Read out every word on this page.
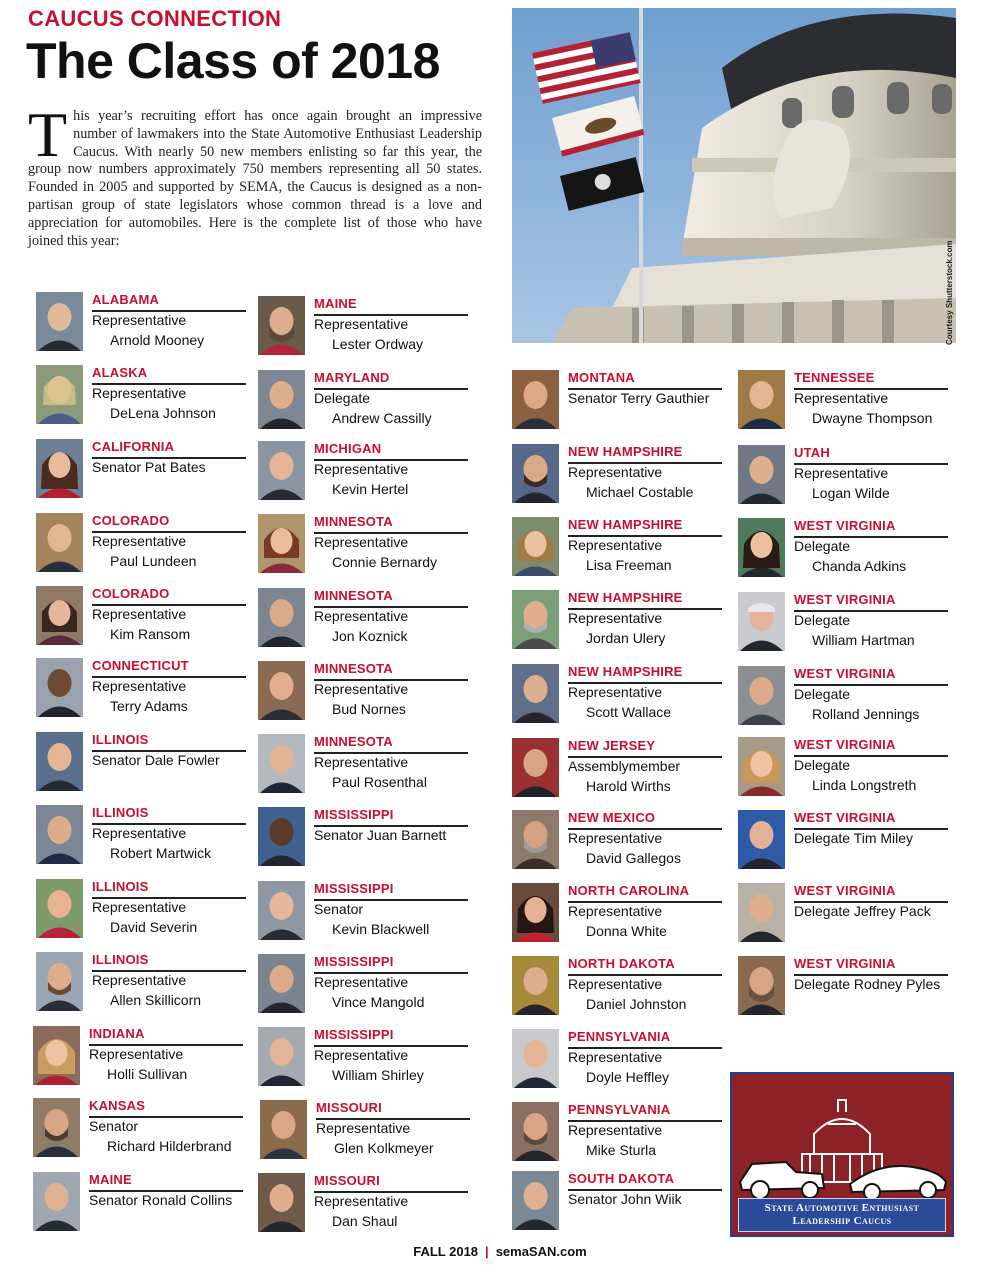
CAUCUS CONNECTION
The Class of 2018
This year’s recruiting effort has once again brought an impressive number of lawmakers into the State Automotive Enthusiast Leadership Caucus. With nearly 50 new members enlisting so far this year, the group now numbers approximately 750 members representing all 50 states. Founded in 2005 and supported by SEMA, the Caucus is designed as a non-partisan group of state legislators whose common thread is a love and appreciation for automobiles. Here is the complete list of those who have joined this year:	Courtesy Shutterstock.com
ALABAMA
Representative
Arnold Mooney
ALASKA
Representative
DeLena Johnson
CALIFORNIA
Senator Pat Bates
COLORADO
Representative
Paul Lundeen
COLORADO
Representative
Kim Ransom
CONNECTICUT
Representative
Terry Adams
ILLINOIS
Senator Dale Fowler
ILLINOIS
Representative
Robert Martwick
ILLINOIS
Representative
David Severin
ILLINOIS
Representative
Allen Skillicorn
INDIANA
Representative
Holli Sullivan
KANSAS
Senator
Richard Hilderbrand
MAINE
Senator Ronald Collins
MAINE
Representative
Lester Ordway
MARYLAND
Delegate
Andrew Cassilly
MICHIGAN
Representative
Kevin Hertel
MINNESOTA
Representative
Connie Bernardy
MINNESOTA
Representative
Jon Koznick
MINNESOTA
Representative
Bud Nornes
MINNESOTA
Representative
Paul Rosenthal
MISSISSIPPI
Senator Juan Barnett
MISSISSIPPI
Senator
Kevin Blackwell
MISSISSIPPI
Representative
Vince Mangold
MISSISSIPPI
Representative
William Shirley
MISSOURI
Representative
Glen Kolkmeyer
MISSOURI
Representative
Dan Shaul
MONTANA
Senator Terry Gauthier
NEW HAMPSHIRE
Representative
Michael Costable
NEW HAMPSHIRE
Representative
Lisa Freeman
NEW HAMPSHIRE
Representative
Jordan Ulery
NEW HAMPSHIRE
Representative
Scott Wallace
NEW JERSEY
Assemblymember
Harold Wirths
NEW MEXICO
Representative
David Gallegos
NORTH CAROLINA
Representative
Donna White
NORTH DAKOTA
Representative
Daniel Johnston
PENNSYLVANIA
Representative
Doyle Heffley
PENNSYLVANIA
Representative
Mike Sturla
SOUTH DAKOTA
Senator John Wiik
TENNESSEE
Representative
Dwayne Thompson
UTAH
Representative
Logan Wilde
WEST VIRGINIA
Delegate
Chanda Adkins
WEST VIRGINIA
Delegate
William Hartman
WEST VIRGINIA
Delegate
Rolland Jennings
WEST VIRGINIA
Delegate
Linda Longstreth
WEST VIRGINIA
Delegate Tim Miley
WEST VIRGINIA
Delegate Jeffrey Pack
WEST VIRGINIA
Delegate Rodney Pyles
State Automotive Enthusiast
Leadership Caucus
FALL 2018 | semaSAN.com
